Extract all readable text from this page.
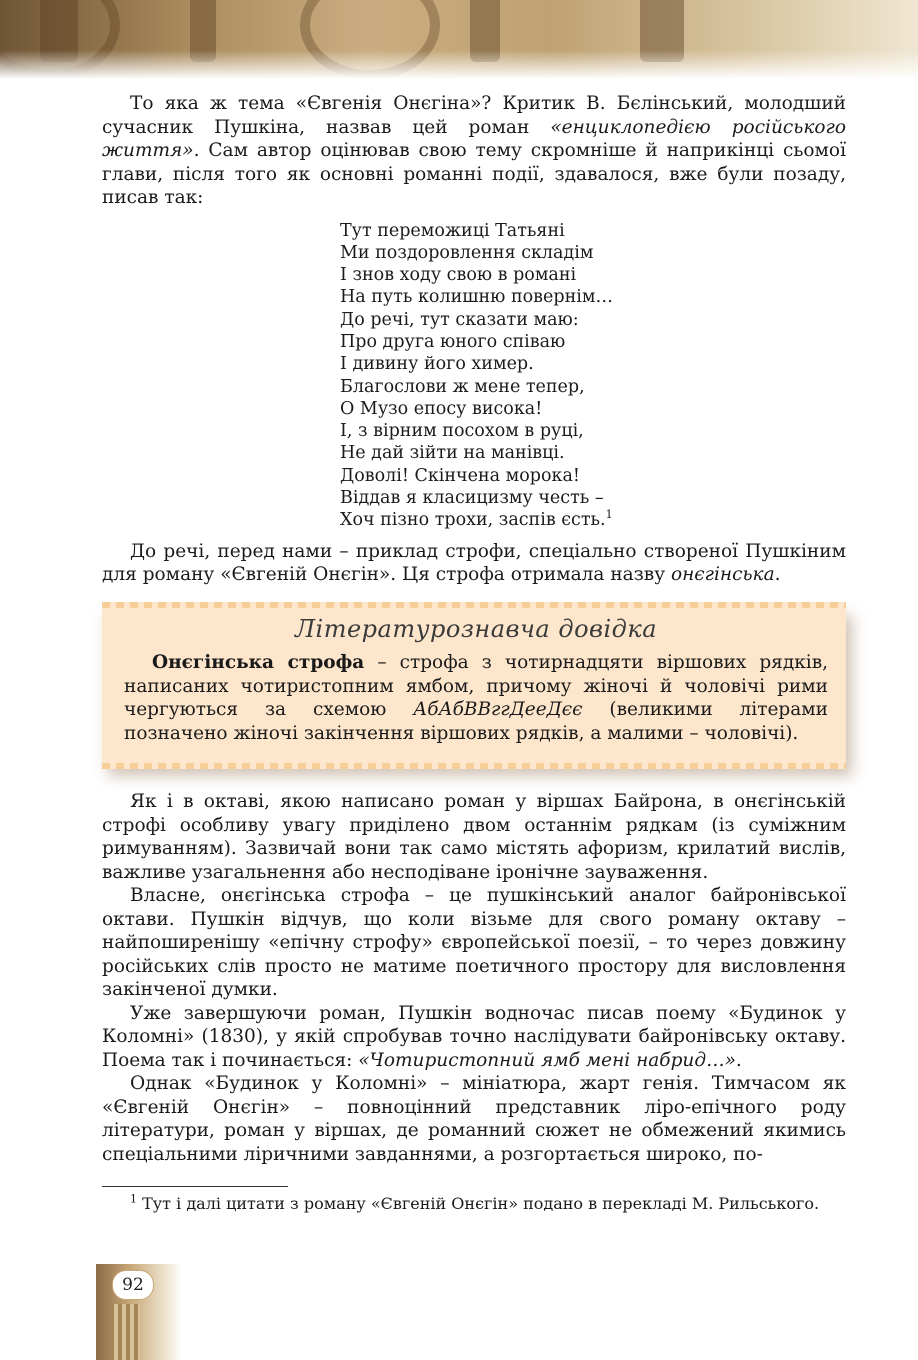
То яка ж тема «Євгенія Онєгіна»? Критик В. Бєлінський, молодший сучасник Пушкіна, назвав цей роман «енциклопедією російського життя». Сам автор оцінював свою тему скромніше й наприкінці сьомої глави, після того як основні романні події, здавалося, вже були позаду, писав так:

Тут переможиці Татьяні
Ми поздоровлення складім
І знов ходу свою в романі
На путь колишню повернім…
До речі, тут сказати маю:
Про друга юного співаю
І дивину його химер.
Благослови ж мене тепер,
О Музо епосу висока!
І, з вірним посохом в руці,
Не дай зійти на манівці.
Доволі! Скінчена морока!
Віддав я класицизму честь –
Хоч пізно трохи, заспів єсть.$^1$

До речі, перед нами – приклад строфи, спеціально створеної Пушкіним для роману «Євгеній Онєгін». Ця строфа отримала назву онєгінська.

Літературознавча довідка

Онєгінська строфа – строфа з чотирнадцяти віршових рядків, написаних чотиристопним ямбом, причому жіночі й чоловічі рими чергуються за схемою АбАбВВггДееДєє (великими літерами позначено жіночі закінчення віршових рядків, а малими – чоловічі).

Як і в октаві, якою написано роман у віршах Байрона, в онєгінській строфі особливу увагу приділено двом останнім рядкам (із суміжним римуванням). Зазвичай вони так само містять афоризм, крилатий вислів, важливе узагальнення або несподіване іронічне зауваження.

Власне, онєгінська строфа – це пушкінський аналог байронівської октави. Пушкін відчув, що коли візьме для свого роману октаву – найпоширенішу «епічну строфу» європейської поезії, – то через довжину російських слів просто не матиме поетичного простору для висловлення закінченої думки.

Уже завершуючи роман, Пушкін водночас писав поему «Будинок у Коломні» (1830), у якій спробував точно наслідувати байронівську октаву. Поема так і починається: «Чотиристопний ямб мені набрид…».

Однак «Будинок у Коломні» – мініатюра, жарт генія. Тимчасом як «Євгеній Онєгін» – повноцінний представник ліро-епічного роду літератури, роман у віршах, де романний сюжет не обмежений якимись спеціальними ліричними завданнями, а розгортається широко, по-

$^1$ Тут і далі цитати з роману «Євгеній Онєгін» подано в перекладі М. Рильського.

92
